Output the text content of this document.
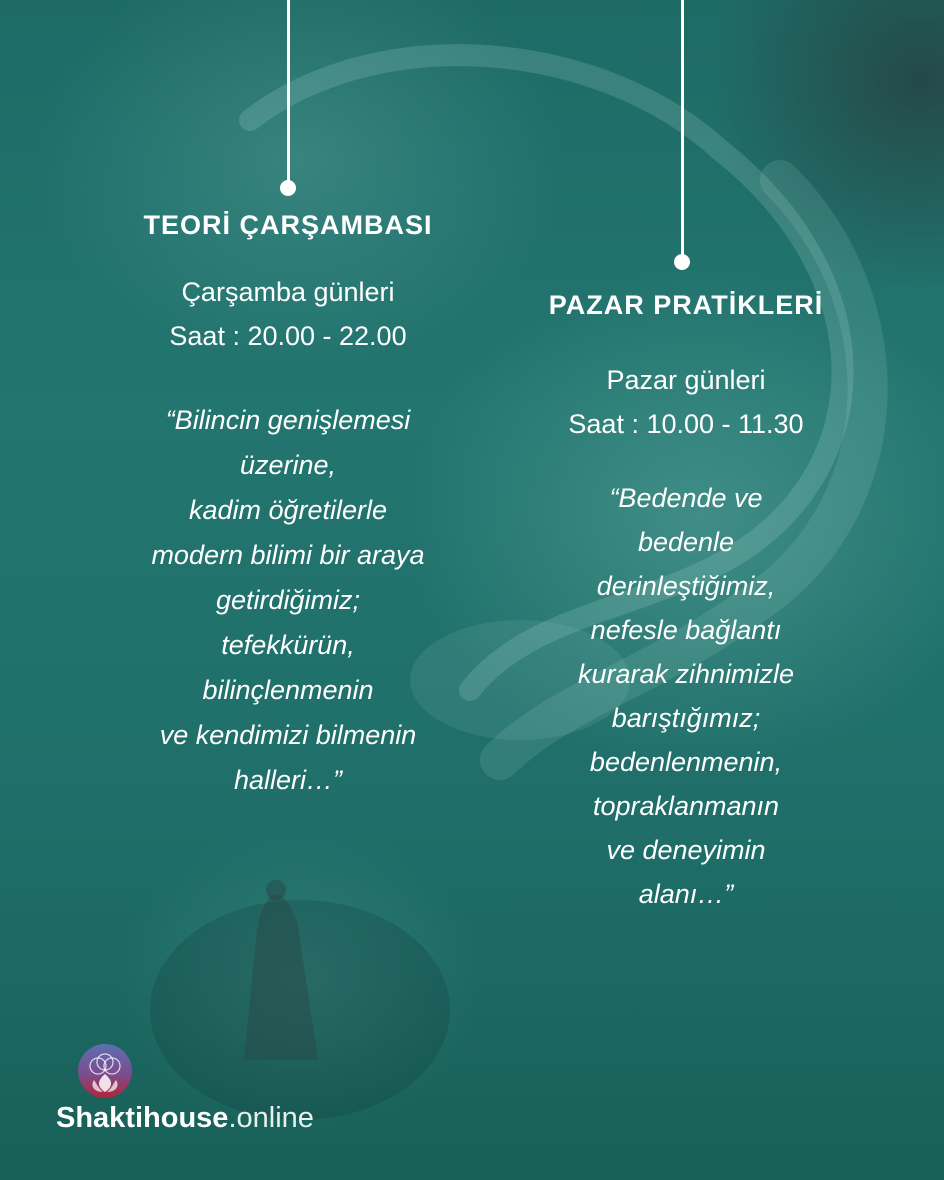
TEORİ ÇARŞAMBASI
Çarşamba günleri
Saat : 20.00 - 22.00
“Bilincin genişlemesi
üzerine,
kadim öğretilerle
modern bilimi bir araya
getirdiğimiz;
tefekkürün,
bilinçlenmenin
ve kendimizi bilmenin
halleri…”
PAZAR PRATİKLERİ
Pazar günleri
Saat : 10.00 - 11.30
“Bedende ve
bedenle
derinleştiğimiz,
nefesle bağlantı
kurarak zihnimizle
barıştığımız;
bedenlenmenin,
topraklanmanın
ve deneyimin
alanı…”
Shaktihouse.online
